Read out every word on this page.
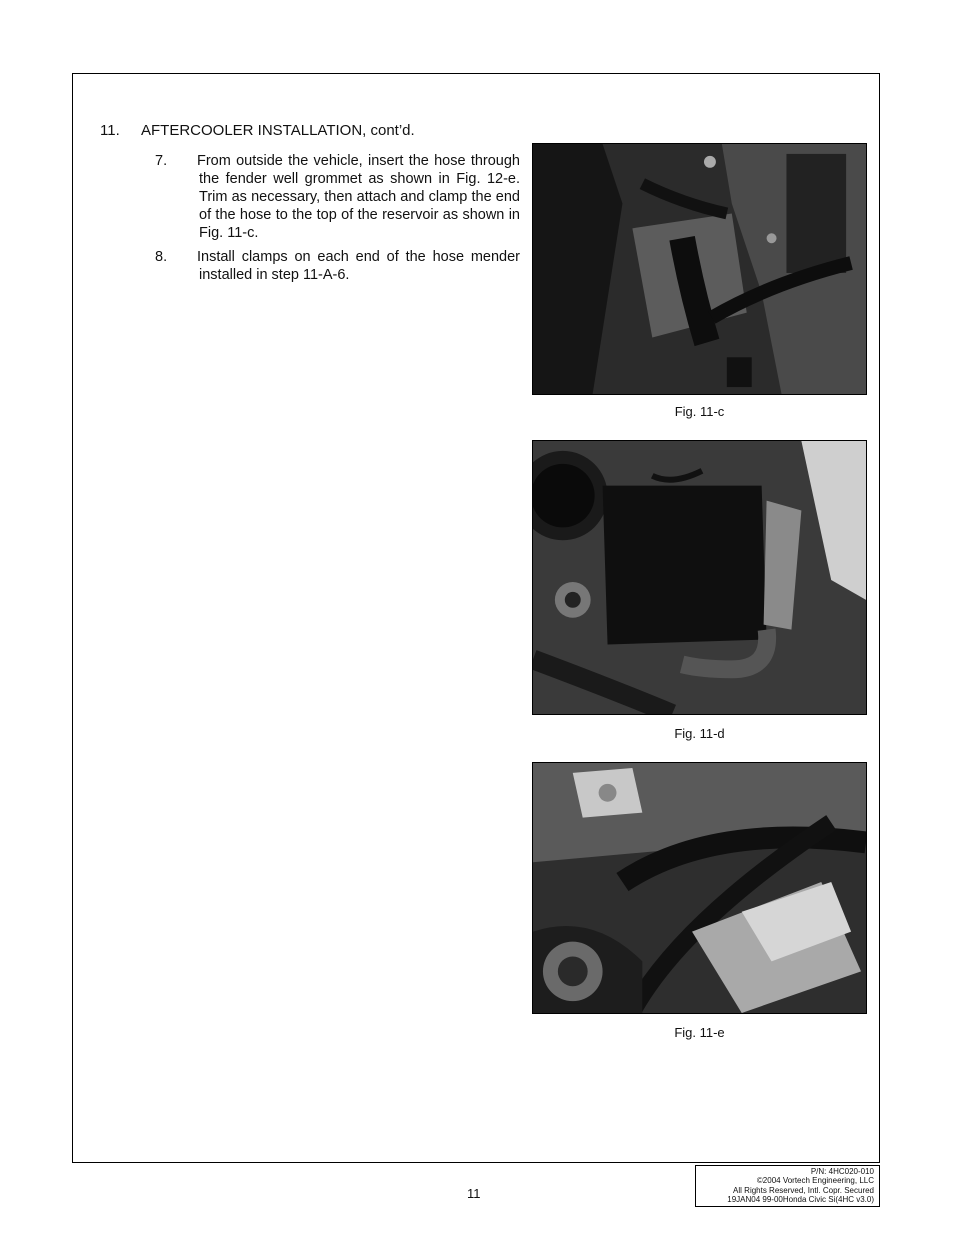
11. AFTERCOOLER INSTALLATION, cont’d.
7. From outside the vehicle, insert the hose through the fender well grommet as shown in Fig. 12-e. Trim as necessary, then attach and clamp the end of the hose to the top of the reservoir as shown in Fig. 11-c.
8. Install clamps on each end of the hose mender installed in step 11-A-6.
Fig. 11-c
Fig. 11-d
Fig. 11-e
11
P/N: 4HC020-010
©2004 Vortech Engineering, LLC
All Rights Reserved, Intl. Copr. Secured
19JAN04 99-00Honda Civic Si(4HC v3.0)
